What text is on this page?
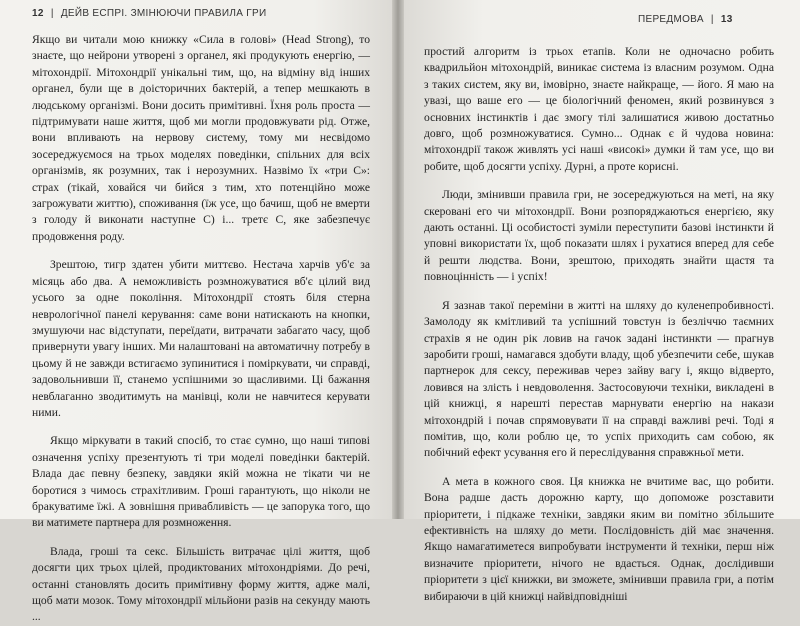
12 | ДЕЙВ ЕСПРІ. ЗМІНЮЮЧИ ПРАВИЛА ГРИ

Якщо ви читали мою книжку «Сила в голові» (Head Strong), то знаєте, що нейрони утворені з органел, які продукують енергію, — мітохондрії. Мітохондрії унікальні тим, що, на відміну від інших органел, були ще в доісторичних бактерій, а тепер мешкають в людському організмі. Вони досить примітивні. Їхня роль проста — підтримувати наше життя, щоб ми могли продовжувати рід. Отже, вони впливають на нервову систему, тому ми несвідомо зосереджуємося на трьох моделях поведінки, спільних для всіх організмів, як розумних, так і нерозумних. Назвімо їх «три С»: страх (тікай, ховайся чи бийся з тим, хто потенційно може загрожувати життю), споживання (їж усе, що бачиш, щоб не вмерти з голоду й виконати наступне С) і... третє С, яке забезпечує продовження роду.

Зрештою, тигр здатен убити миттєво. Нестача харчів уб'є за місяць або два. А неможливість розмножуватися вб'є цілий вид усього за одне покоління. Мітохондрії стоять біля стерна неврологічної панелі керування: саме вони натискають на кнопки, змушуючи нас відступати, переїдати, витрачати забагато часу, щоб привернути увагу інших. Ми налаштовані на автоматичну потребу в цьому й не завжди встигаємо зупинитися і поміркувати, чи справді, задовольнивши її, станемо успішними зо щасливими. Ці бажання невблаганно зводитимуть на манівці, коли не навчитеся керувати ними.

Якщо міркувати в такий спосіб, то стає сумно, що наші типові означення успіху презентують ті три моделі поведінки бактерій. Влада дає певну безпеку, завдяки якій можна не тікати чи не боротися з чимось страхітливим. Гроші гарантують, що ніколи не бракуватиме їжі. А зовнішня привабливість — це запорука того, що ви матимете партнера для розмноження.

Влада, гроші та секс. Більшість витрачає цілі життя, щоб досягти цих трьох цілей, продиктованих мітохондріями. До речі, останні становлять досить примітивну форму життя, адже малі, щоб мати мозок. Тому мітохондрії мільйони разів на секунду мають ...

ПЕРЕДМОВА | 13

простий алгоритм із трьох етапів. Коли не одночасно робить квадрильйон мітохондрій, виникає система із власним розумом. Одна з таких систем, яку ви, імовірно, знаєте найкраще, — його. Я маю на увазі, що ваше его — це біологічний феномен, який розвинувся з основних інстинктів і дає змогу тілі залишатися живою достатньо довго, щоб розмножуватися. Сумно... Однак є й чудова новина: мітохондрії також живлять усі наші «високі» думки й там усе, що ви робите, щоб досягти успіху. Дурні, а проте корисні.

Люди, змінивши правила гри, не зосереджуються на меті, на яку скеровані его чи мітохондрії. Вони розпоряджаються енергією, яку дають останні. Ці особистості зуміли переступити базові інстинкти й уповні використати їх, щоб показати шлях і рухатися вперед для себе й решти людства. Вони, зрештою, приходять знайти щастя та повноцінність — і успіх!

Я зазнав такої переміни в житті на шляху до куленепробивності. Замолоду як кмітливий та успішний товстун із безліччю таємних страхів я не один рік ловив на гачок задані інстинкти — прагнув заробити гроші, намагався здобути владу, щоб убезпечити себе, шукав партнерок для сексу, переживав через зайву вагу і, якщо відверто, ловився на злість і невдоволення. Застосовуючи техніки, викладені в цій книжці, я нарешті перестав марнувати енергію на накази мітохондрій і почав спрямовувати її на справді важливі речі. Тоді я помітив, що, коли роблю це, то успіх приходить сам собою, як побічний ефект усування его й переслідування справжньої мети.

А мета в кожного своя. Ця книжка не вчитиме вас, що робити. Вона радше дасть дорожню карту, що допоможе розставити пріоритети, і підкаже техніки, завдяки яким ви помітно збільшите ефективність на шляху до мети. Послідовність дій має значення. Якщо намагатиметеся випробувати інструменти й техніки, перш ніж визначите пріоритети, нічого не вдасться. Однак, дослідивши пріоритети з цієї книжки, ви зможете, змінивши правила гри, а потім вибираючи в цій книжці найвідповідніші
